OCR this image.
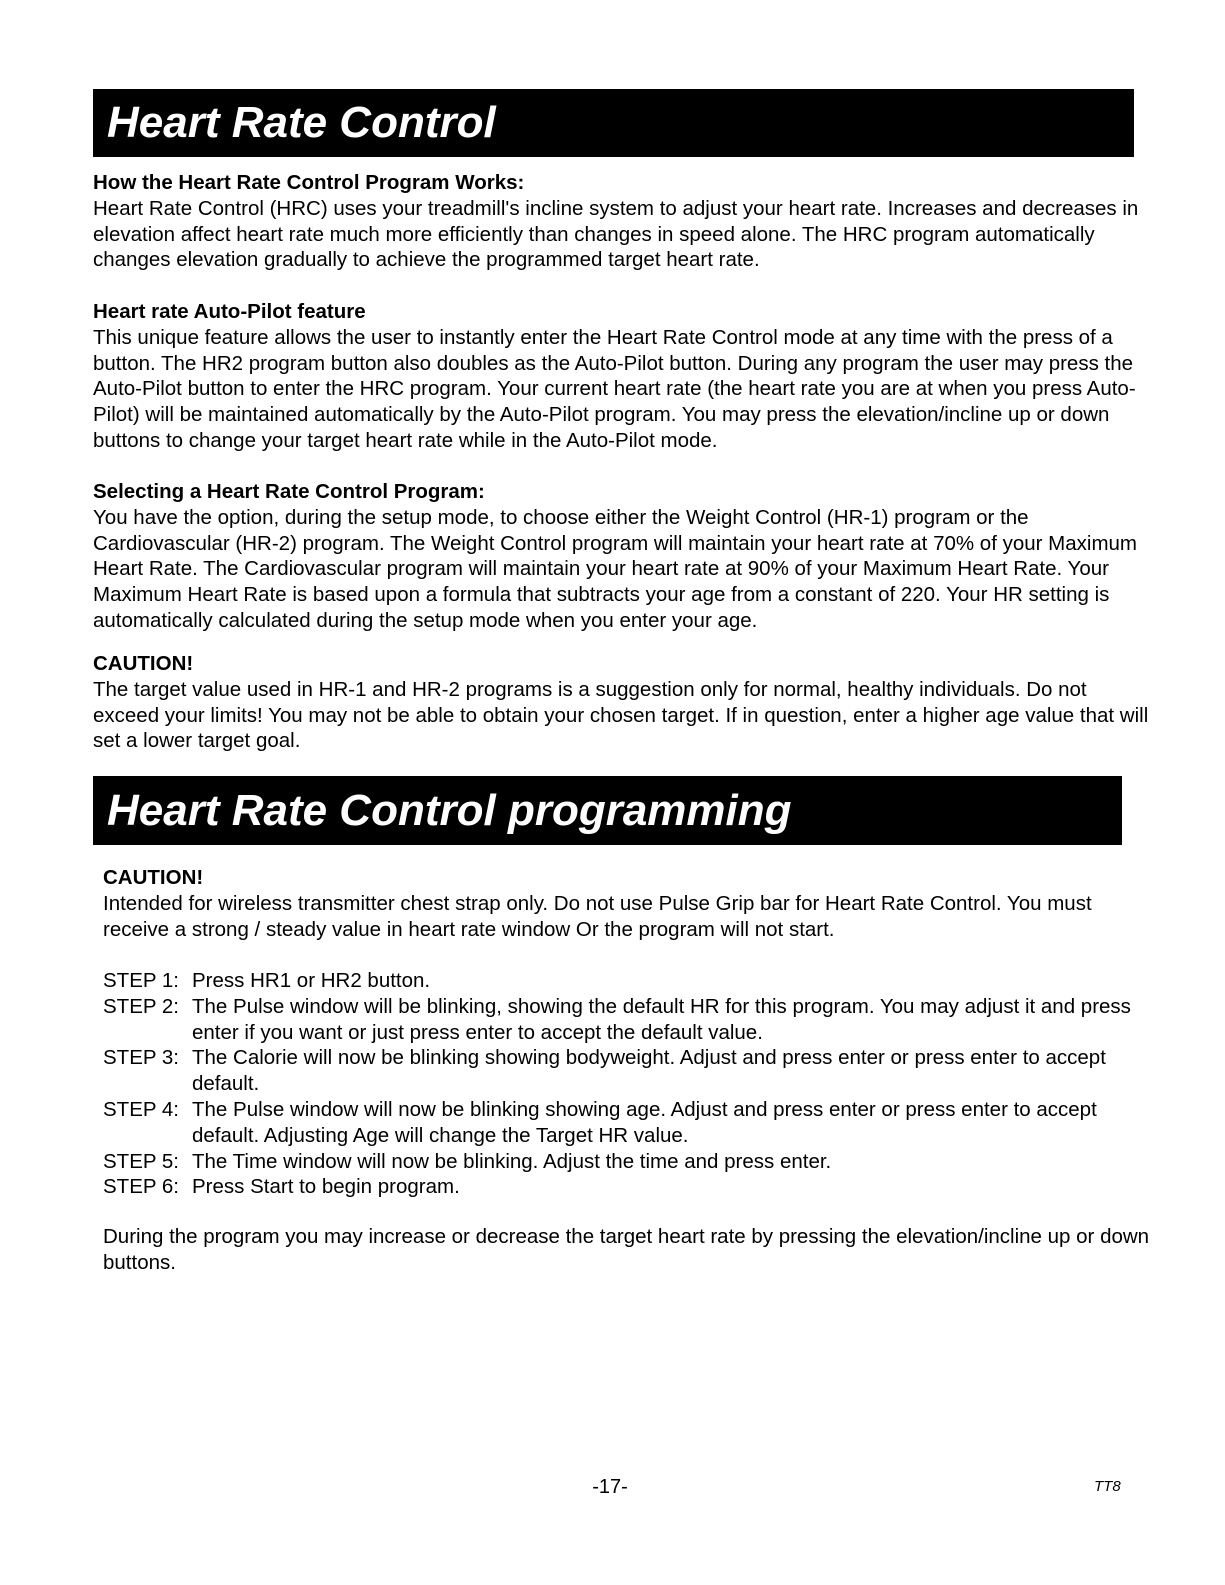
Heart Rate Control
How the Heart Rate Control Program Works:
Heart Rate Control (HRC) uses your treadmill's incline system to adjust your heart rate. Increases and decreases in elevation affect heart rate much more efficiently than changes in speed alone. The HRC program automatically changes elevation gradually to achieve the programmed target heart rate.
Heart rate Auto-Pilot feature
This unique feature allows the user to instantly enter the Heart Rate Control mode at any time with the press of a button. The HR2 program button also doubles as the Auto-Pilot button. During any program the user may press the Auto-Pilot button to enter the HRC program. Your current heart rate (the heart rate you are at when you press Auto-Pilot) will be maintained automatically by the Auto-Pilot program. You may press the elevation/incline up or down buttons to change your target heart rate while in the Auto-Pilot mode.
Selecting a Heart Rate Control Program:
You have the option, during the setup mode, to choose either the Weight Control (HR-1) program or the Cardiovascular (HR-2) program. The Weight Control program will maintain your heart rate at 70% of your Maximum Heart Rate. The Cardiovascular program will maintain your heart rate at 90% of your Maximum Heart Rate. Your Maximum Heart Rate is based upon a formula that subtracts your age from a constant of 220. Your HR setting is automatically calculated during the setup mode when you enter your age.
CAUTION!
The target value used in HR-1 and HR-2 programs is a suggestion only for normal, healthy individuals. Do not exceed your limits! You may not be able to obtain your chosen target. If in question, enter a higher age value that will set a lower target goal.
Heart Rate Control programming
CAUTION!
Intended for wireless transmitter chest strap only. Do not use Pulse Grip bar for Heart Rate Control. You must receive a strong / steady value in heart rate window Or the program will not start.
STEP 1: Press HR1 or HR2 button.
STEP 2: The Pulse window will be blinking, showing the default HR for this program. You may adjust it and press enter if you want or just press enter to accept the default value.
STEP 3: The Calorie will now be blinking showing bodyweight. Adjust and press enter or press enter to accept default.
STEP 4: The Pulse window will now be blinking showing age. Adjust and press enter or press enter to accept default. Adjusting Age will change the Target HR value.
STEP 5: The Time window will now be blinking. Adjust the time and press enter.
STEP 6: Press Start to begin program.
During the program you may increase or decrease the target heart rate by pressing the elevation/incline up or down buttons.
-17-	TT8
